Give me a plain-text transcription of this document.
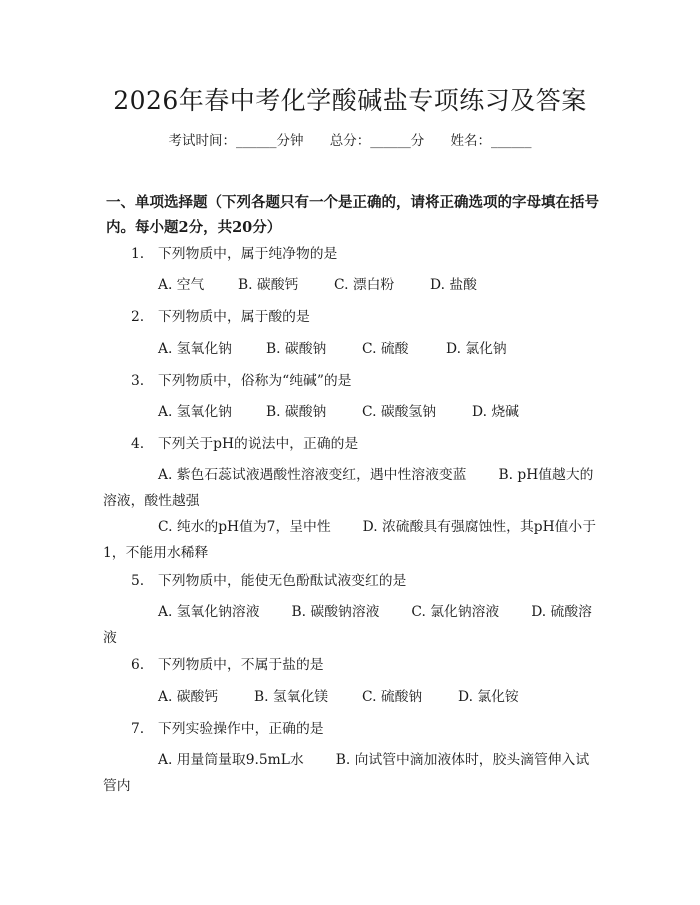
2026年春中考化学酸碱盐专项练习及答案
考试时间：______分钟 总分：______分 姓名：______
一、单项选择题（下列各题只有一个是正确的，请将正确选项的字母填在括号内。每小题2分，共20分）
1. 下列物质中，属于纯净物的是
A. 空气 B. 碳酸钙	C. 漂白粉	D. 盐酸
2. 下列物质中，属于酸的是
A. 氢氧化钠 B. 碳酸钠	C. 硫酸	D. 氯化钠
3. 下列物质中，俗称为“纯碱”的是
A. 氢氧化钠 B. 碳酸钠	C. 碳酸氢钠	D. 烧碱
4. 下列关于pH的说法中，正确的是
A. 紫色石蕊试液遇酸性溶液变红，遇中性溶液变蓝　　 B. pH值越大的溶液，酸性越强
C. 纯水的pH值为7，呈中性　　 D. 浓硫酸具有强腐蚀性，其pH值小于1，不能用水稀释
5. 下列物质中，能使无色酚酞试液变红的是
A. 氢氧化钠溶液　　 B. 碳酸钠溶液　　 C. 氯化钠溶液　　 D. 硫酸溶液
6. 下列物质中，不属于盐的是
A. 碳酸钙	B. 氢氧化镁 C. 硫酸钠	D. 氯化铵
7. 下列实验操作中，正确的是
A. 用量筒量取9.5mL水　　 B. 向试管中滴加液体时，胶头滴管伸入试管内
